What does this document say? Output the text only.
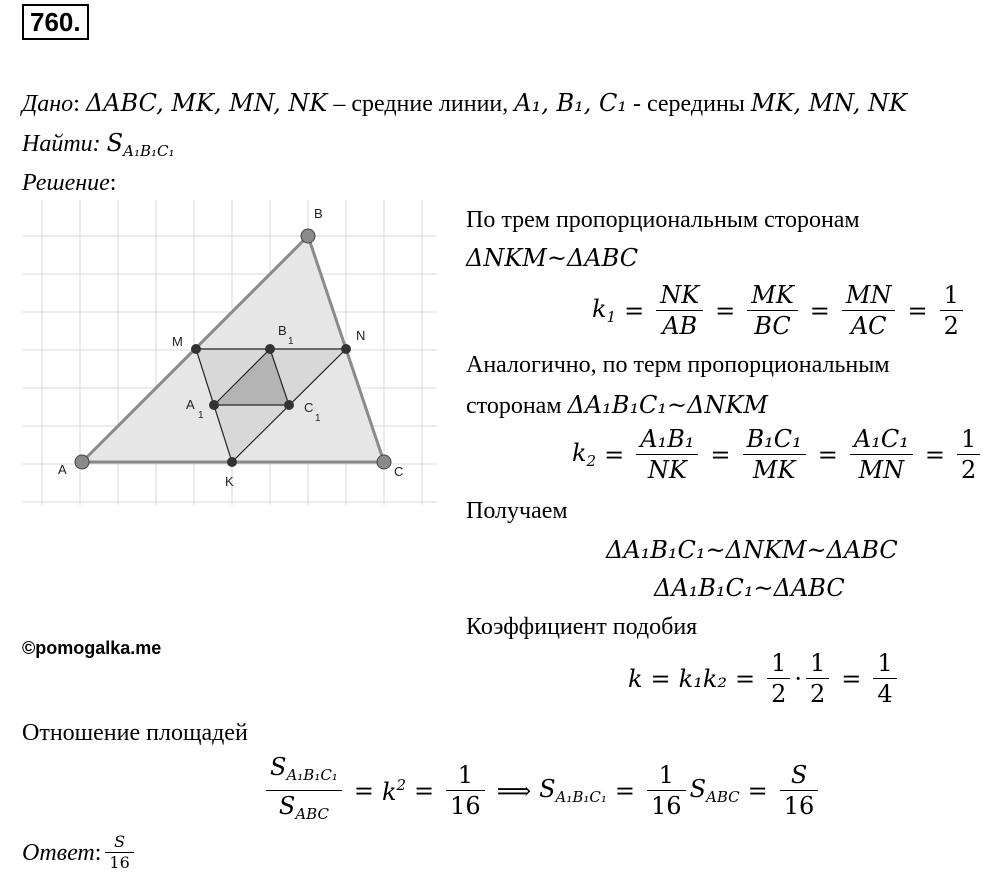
760.
Дано: ΔABC, MK, MN, NK – средние линии, A₁, B₁, C₁ - середины MK, MN, NK
Найти: $S_{A_1B_1C_1}$
Решение:
A
B
C
M	N
K
A
1
B
1
C
1
По трем пропорциональным сторонам
ΔNKM~ΔABC
$k_1 = \frac{NK}{AB} = \frac{MK}{BC} = \frac{MN}{AC} = \frac{1}{2}$
Аналогично, по терм пропорциональным
сторонам ΔA₁B₁C₁~ΔNKM
$k_2 = \frac{\text{A₁B₁}}{NK} = \frac{\text{B₁C₁}}{MK} = \frac{\text{A₁C₁}}{MN} = \frac{1}{2}$
Получаем
ΔA₁B₁C₁~ΔNKM~ΔABC
ΔA₁B₁C₁~ΔABC
Коэффициент подобия
$k = k_1k_2 = \frac{1}{2} \cdot \frac{1}{2} = \frac{1}{4}$
©pomogalka.me
Отношение площадей
$\frac{S_{A_1B_1C_1}}{S_{ABC}} = k^2 = \frac{1}{16}$ ⟹ $S_{A_1B_1C_1} = \frac{1}{16} S_{ABC} = \frac{S}{16}$
Ответ : $\frac{S}{16}$
